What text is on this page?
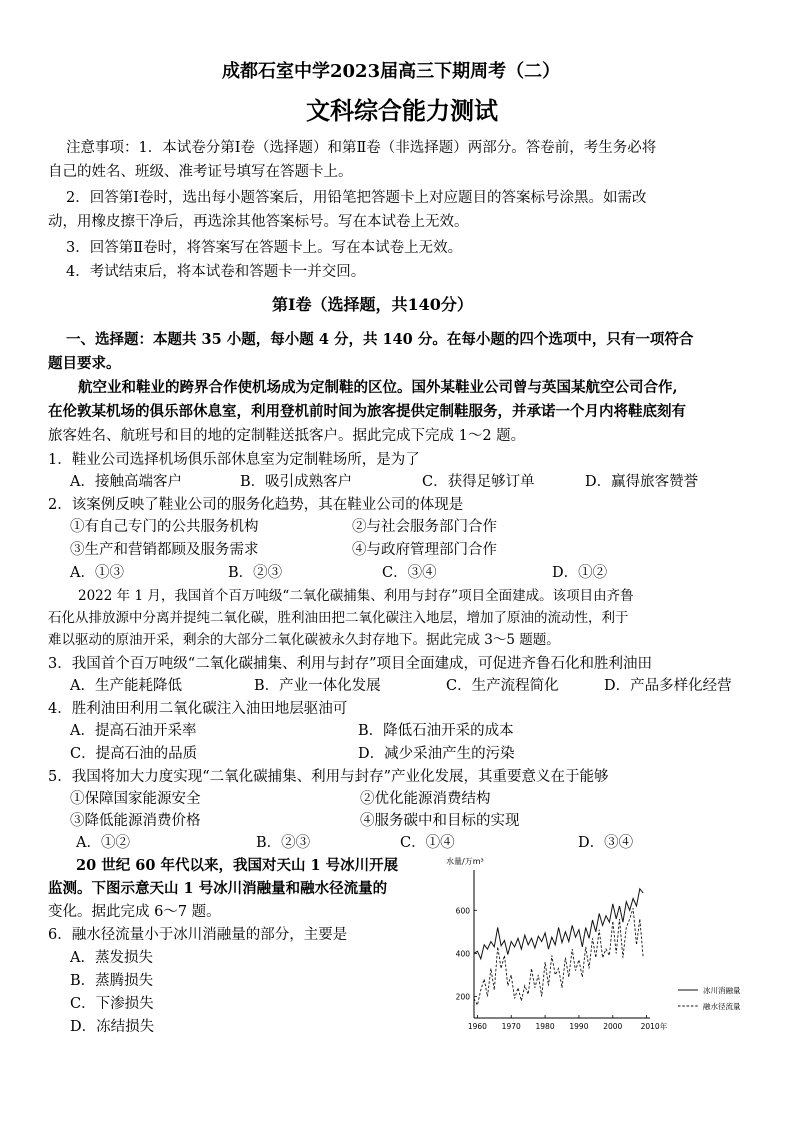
成都石室中学2023届高三下期周考（二）
文科综合能力测试
注意事项：1．本试卷分第Ⅰ卷（选择题）和第Ⅱ卷（非选择题）两部分。答卷前，考生务必将
自己的姓名、班级、准考证号填写在答题卡上。
2．回答第Ⅰ卷时，选出每小题答案后，用铅笔把答题卡上对应题目的答案标号涂黑。如需改
动，用橡皮擦干净后，再选涂其他答案标号。写在本试卷上无效。
3．回答第Ⅱ卷时，将答案写在答题卡上。写在本试卷上无效。
4．考试结束后，将本试卷和答题卡一并交回。
第Ⅰ卷（选择题，共140分）
一、选择题：本题共 35 小题，每小题 4 分，共 140 分。在每小题的四个选项中，只有一项符合
题目要求。
航空业和鞋业的跨界合作使机场成为定制鞋的区位。国外某鞋业公司曾与英国某航空公司合作,
在伦敦某机场的俱乐部休息室，利用登机前时间为旅客提供定制鞋服务，并承诺一个月内将鞋底刻有
旅客姓名、航班号和目的地的定制鞋送抵客户。据此完成下完成 1～2 题。
1．鞋业公司选择机场俱乐部休息室为定制鞋场所，是为了
A．接触高端客户	B．吸引成熟客户	C．获得足够订单	D．赢得旅客赞誉
2．该案例反映了鞋业公司的服务化趋势，其在鞋业公司的体现是
①有自己专门的公共服务机构	②与社会服务部门合作
③生产和营销都顾及服务需求	④与政府管理部门合作
A．①③	B．②③	C．③④	D．①②
2022 年 1 月，我国首个百万吨级“二氧化碳捕集、利用与封存”项目全面建成。该项目由齐鲁
石化从排放源中分离并提纯二氧化碳，胜利油田把二氧化碳注入地层，增加了原油的流动性，利于
难以驱动的原油开采，剩余的大部分二氧化碳被永久封存地下。据此完成 3～5 题题。
3．我国首个百万吨级“二氧化碳捕集、利用与封存”项目全面建成，可促进齐鲁石化和胜利油田
A．生产能耗降低	B．产业一体化发展	C．生产流程简化	D．产品多样化经营
4．胜利油田利用二氧化碳注入油田地层驱油可
A．提高石油开采率	B．降低石油开采的成本
C．提高石油的品质	D．减少采油产生的污染
5．我国将加大力度实现“二氧化碳捕集、利用与封存”产业化发展，其重要意义在于能够
①保障国家能源安全	②优化能源消费结构
③降低能源消费价格	④服务碳中和目标的实现
A．①②	B．②③	C．①④	D．③④
20 世纪 60 年代以来，我国对天山 1 号冰川开展
监测。下图示意天山 1 号冰川消融量和融水径流量的
变化。据此完成 6～7 题。
6．融水径流量小于冰川消融量的部分，主要是
A．蒸发损失
B．蒸腾损失
C．下渗损失
D．冻结损失
水量/万m³
200
400
600
1960 1970 1980 1990 2000 2010年
冰川消融量
融水径流量
